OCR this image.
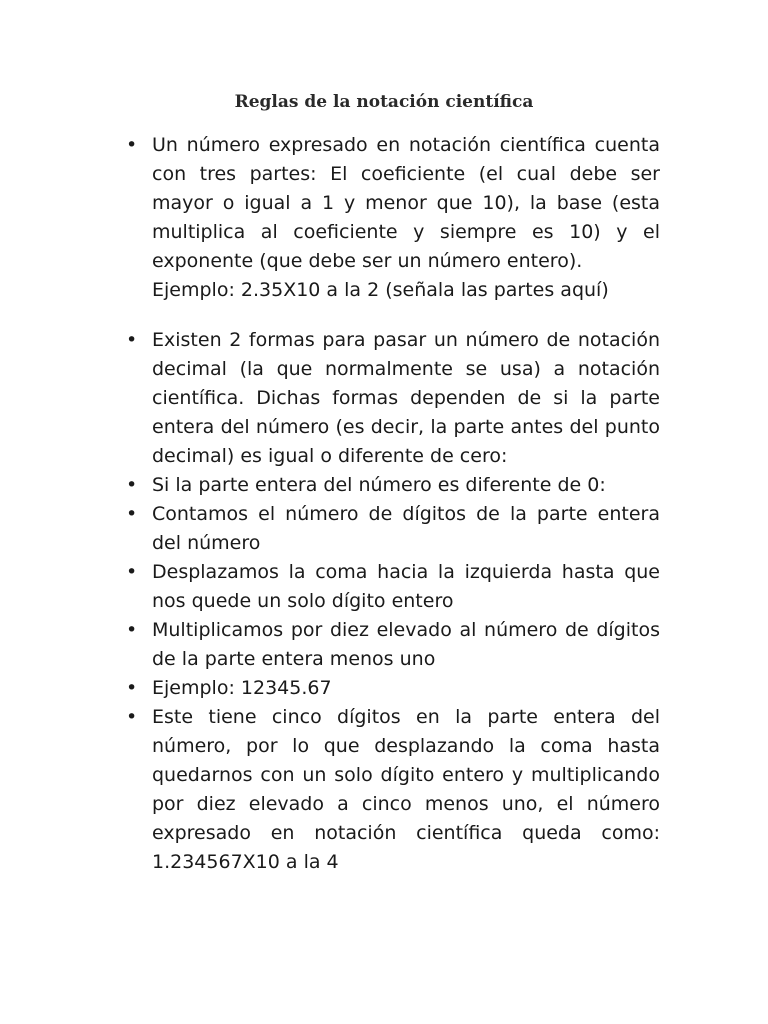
Reglas de la notación científica
• Un número expresado en notación científica cuenta con tres partes: El coeficiente (el cual debe ser mayor o igual a 1 y menor que 10), la base (esta multiplica al coeficiente y siempre es 10) y el exponente (que debe ser un número entero).
Ejemplo: 2.35X10 a la 2 (señala las partes aquí)
• Existen 2 formas para pasar un número de notación decimal (la que normalmente se usa) a notación científica. Dichas formas dependen de si la parte entera del número (es decir, la parte antes del punto decimal) es igual o diferente de cero:
• Si la parte entera del número es diferente de 0:
• Contamos el número de dígitos de la parte entera del número
• Desplazamos la coma hacia la izquierda hasta que nos quede un solo dígito entero
• Multiplicamos por diez elevado al número de dígitos de la parte entera menos uno
• Ejemplo: 12345.67
• Este tiene cinco dígitos en la parte entera del número, por lo que desplazando la coma hasta quedarnos con un solo dígito entero y multiplicando por diez elevado a cinco menos uno, el número expresado en notación científica queda como: 1.234567X10 a la 4
